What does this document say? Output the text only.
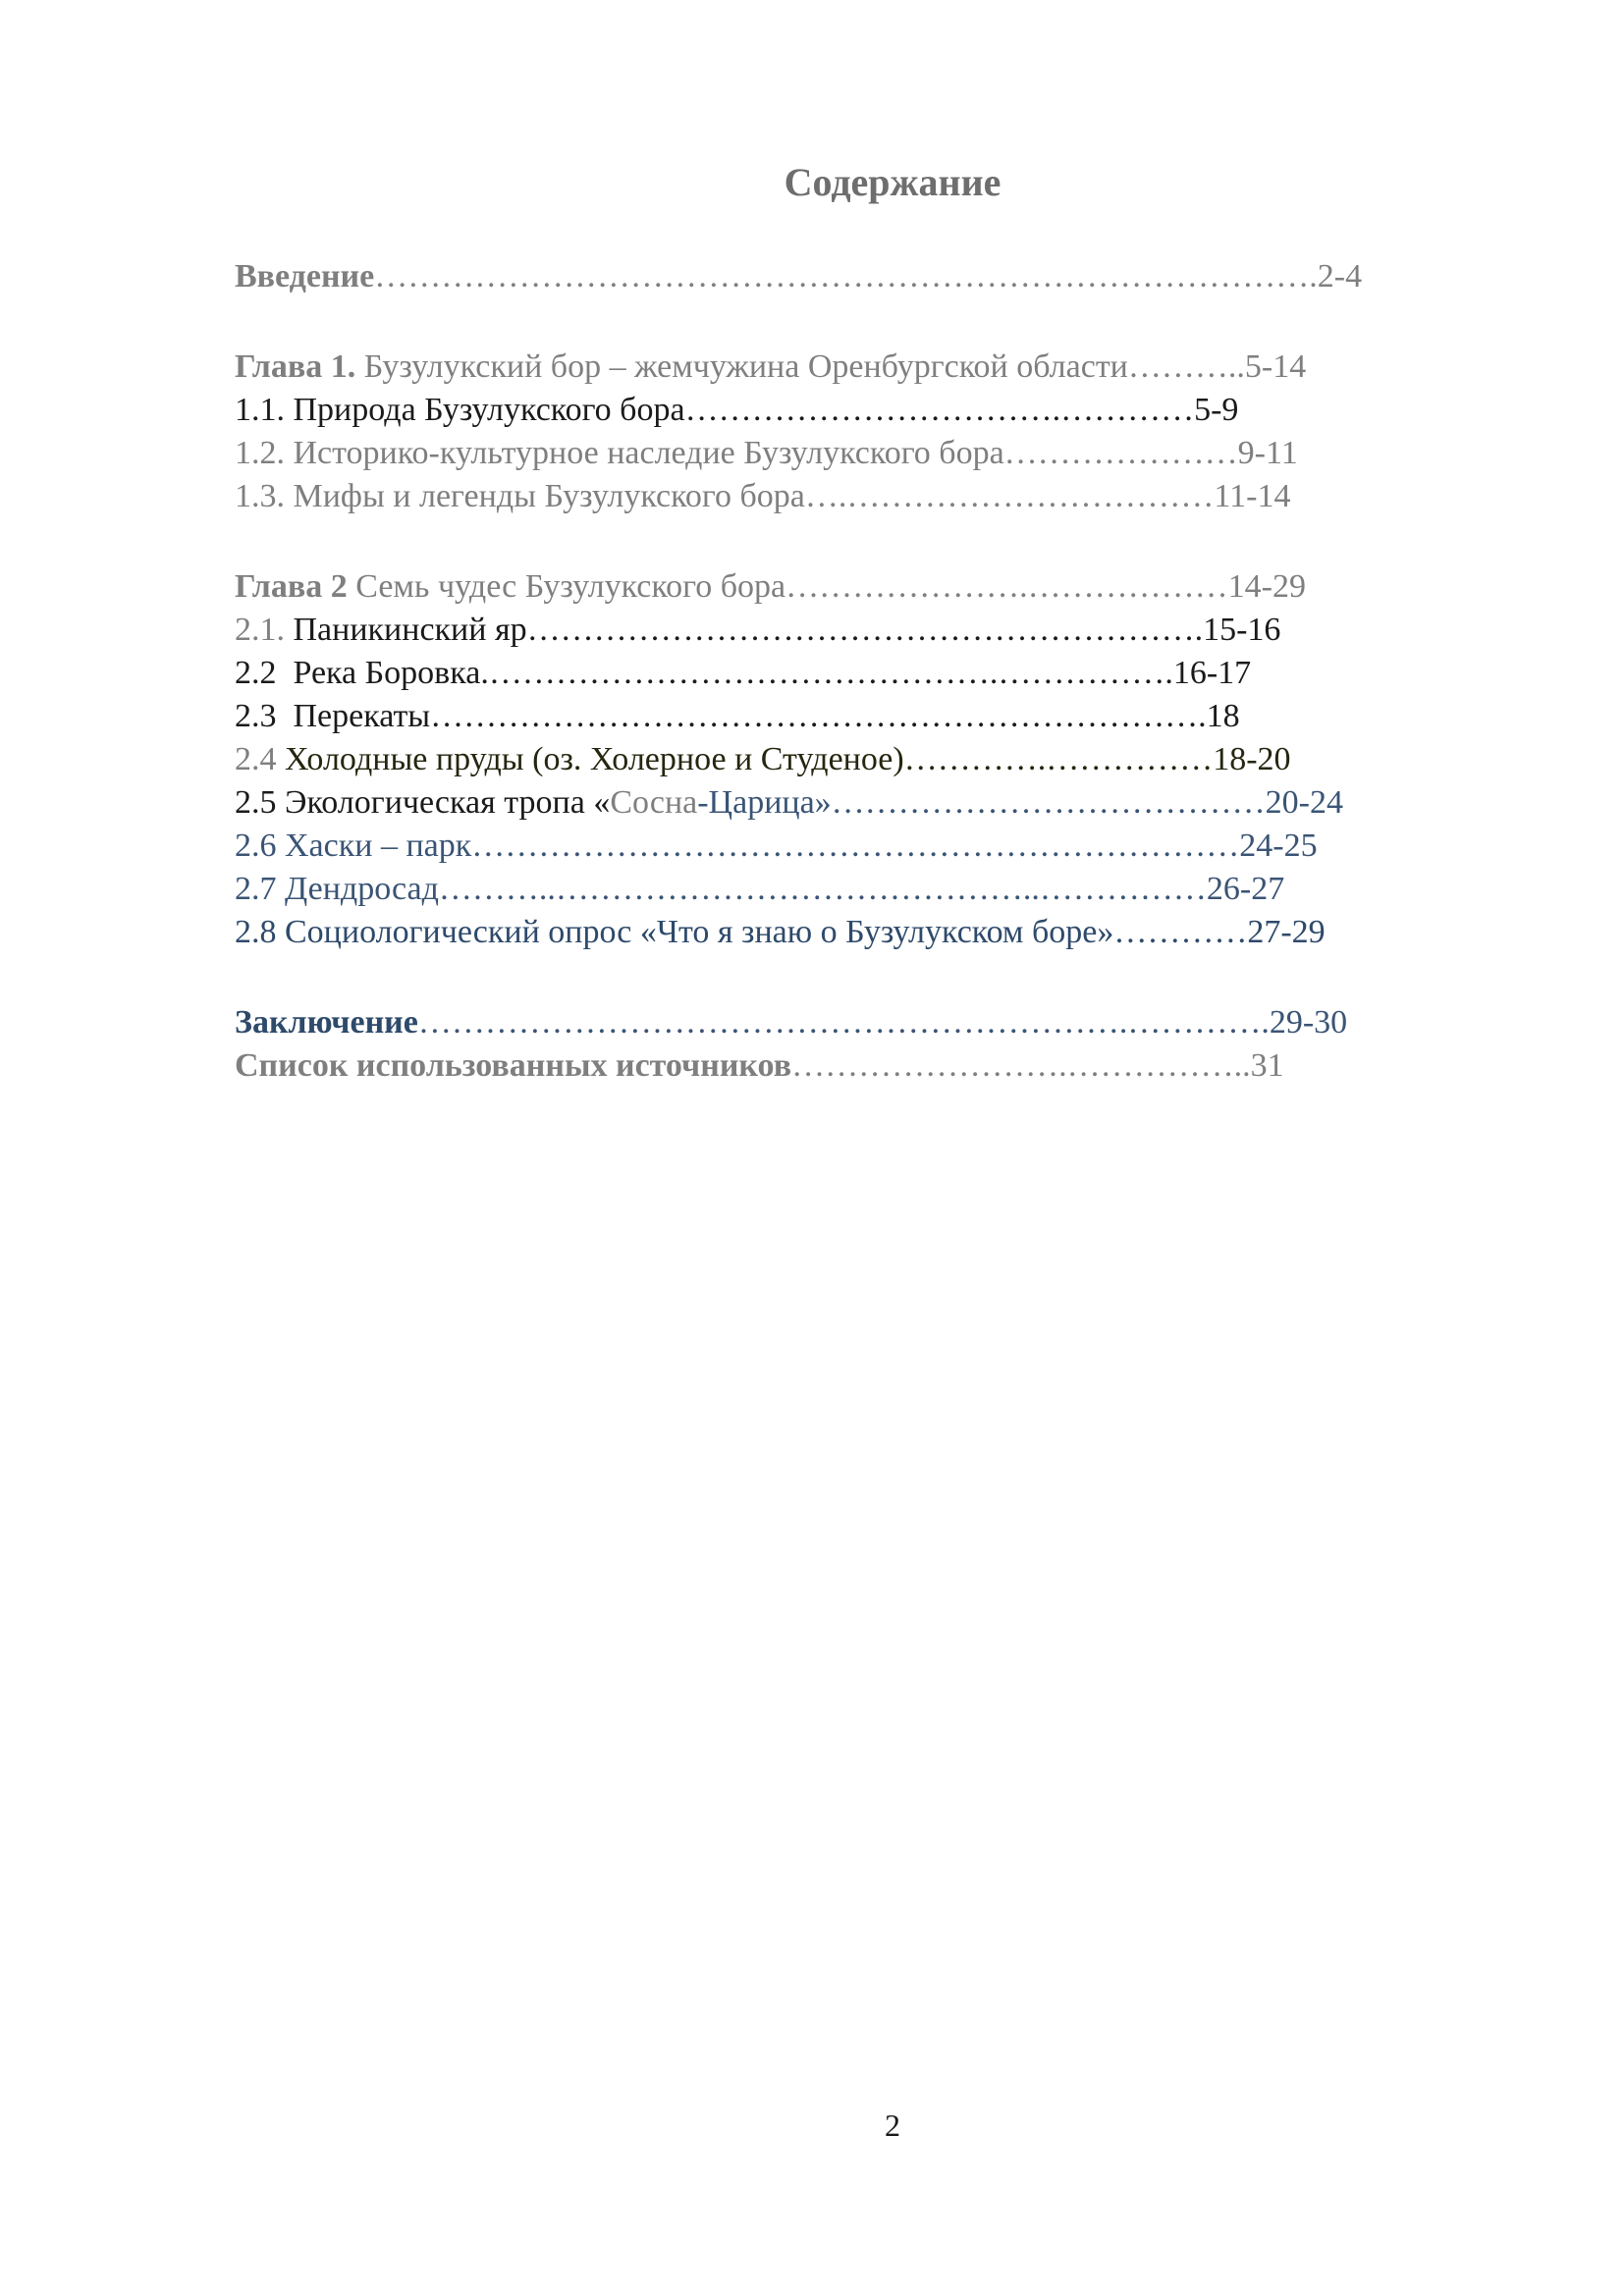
Содержание
Введение………………………………………………………………………….2-4
Глава 1. Бузулукский бор – жемчужина Оренбургской области………..5-14
1.1. Природа Бузулукского бора…………………………….…………5-9
1.2. Историко-культурное наследие Бузулукского бора…………………9-11
1.3. Мифы и легенды Бузулукского бора….……………………………11-14
Глава 2 Семь чудес Бузулукского бора………………….………………14-29
2.1. Паникинский яр…………………………………………………….15-16
2.2  Река Боровка.……………………………………….…………….16-17
2.3  Перекаты…………………………………………………………….18
2.4 Холодные пруды (оз. Холерное и Студеное)………….……………18-20
2.5 Экологическая тропа «Сосна-Царица»…………………………………20-24
2.6 Хаски – парк……………………………………………………………24-25
2.7 Дендросад………..……………………………………..……………26-27
2.8 Социологический опрос «Что я знаю о Бузулукском боре»…………27-29
Заключение……………………………………………………….………….29-30
Список использованных источников…………………….……………..31
2
